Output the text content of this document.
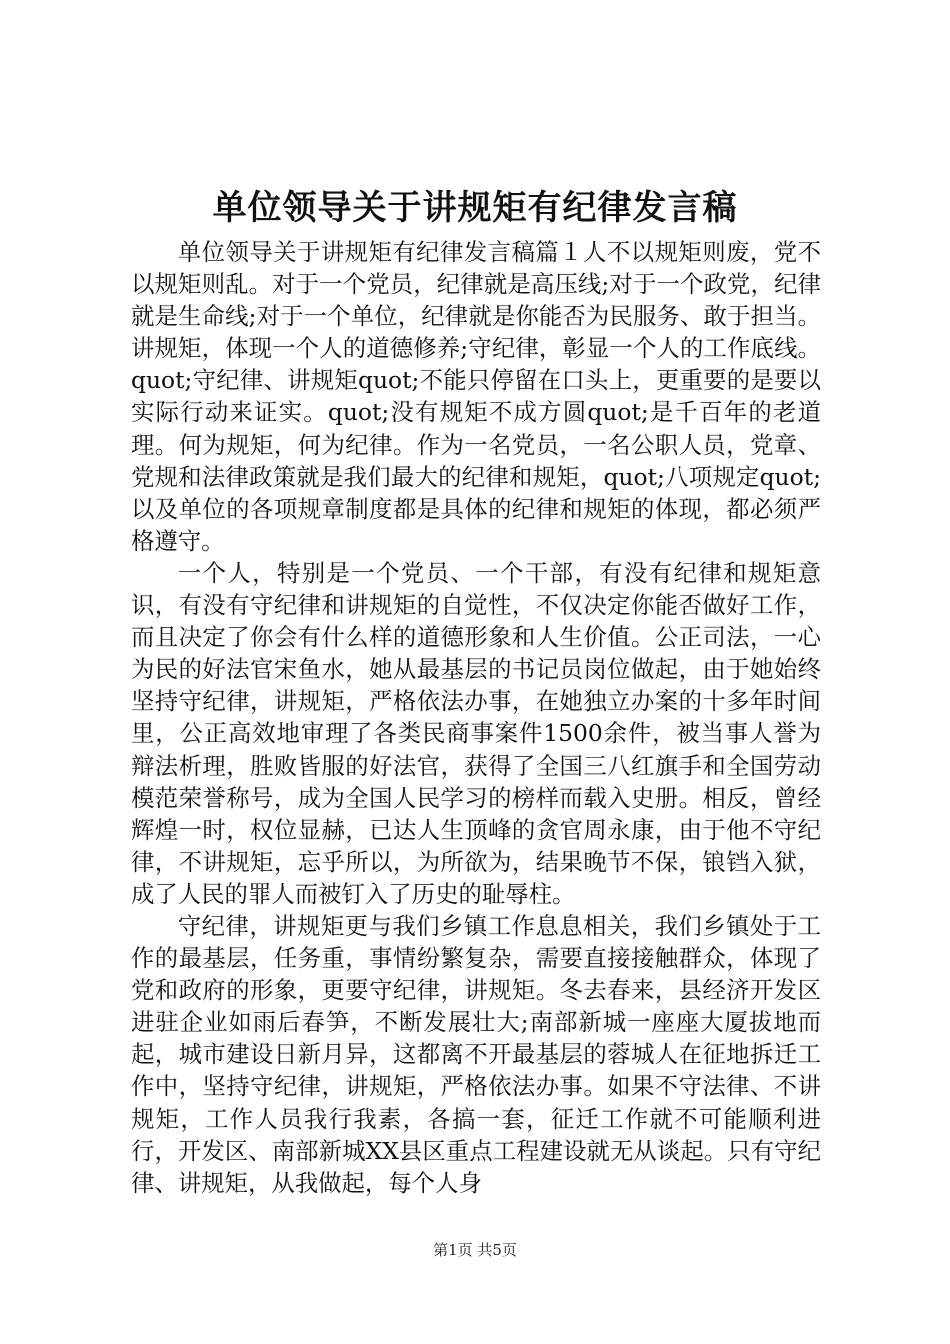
单位领导关于讲规矩有纪律发言稿

单位领导关于讲规矩有纪律发言稿篇１人不以规矩则废，党不以规矩则乱。对于一个党员，纪律就是高压线;对于一个政党，纪律就是生命线;对于一个单位，纪律就是你能否为民服务、敢于担当。讲规矩，体现一个人的道德修养;守纪律，彰显一个人的工作底线。quot;守纪律、讲规矩quot;不能只停留在口头上，更重要的是要以实际行动来证实。quot;没有规矩不成方圆quot;是千百年的老道理。何为规矩，何为纪律。作为一名党员，一名公职人员，党章、党规和法律政策就是我们最大的纪律和规矩，quot;八项规定quot;以及单位的各项规章制度都是具体的纪律和规矩的体现，都必须严格遵守。

一个人，特别是一个党员、一个干部，有没有纪律和规矩意识，有没有守纪律和讲规矩的自觉性，不仅决定你能否做好工作，而且决定了你会有什么样的道德形象和人生价值。公正司法，一心为民的好法官宋鱼水，她从最基层的书记员岗位做起，由于她始终坚持守纪律，讲规矩，严格依法办事，在她独立办案的十多年时间里，公正高效地审理了各类民商事案件1500余件，被当事人誉为辩法析理，胜败皆服的好法官，获得了全国三八红旗手和全国劳动模范荣誉称号，成为全国人民学习的榜样而载入史册。相反，曾经辉煌一时，权位显赫，已达人生顶峰的贪官周永康，由于他不守纪律，不讲规矩，忘乎所以，为所欲为，结果晚节不保，锒铛入狱，成了人民的罪人而被钉入了历史的耻辱柱。

守纪律，讲规矩更与我们乡镇工作息息相关，我们乡镇处于工作的最基层，任务重，事情纷繁复杂，需要直接接触群众，体现了党和政府的形象，更要守纪律，讲规矩。冬去春来，县经济开发区进驻企业如雨后春笋，不断发展壮大;南部新城一座座大厦拔地而起，城市建设日新月异，这都离不开最基层的蓉城人在征地拆迁工作中，坚持守纪律，讲规矩，严格依法办事。如果不守法律、不讲规矩，工作人员我行我素，各搞一套，征迁工作就不可能顺利进行，开发区、南部新城XX县区重点工程建设就无从谈起。只有守纪律、讲规矩，从我做起，每个人身

第1页 共5页
